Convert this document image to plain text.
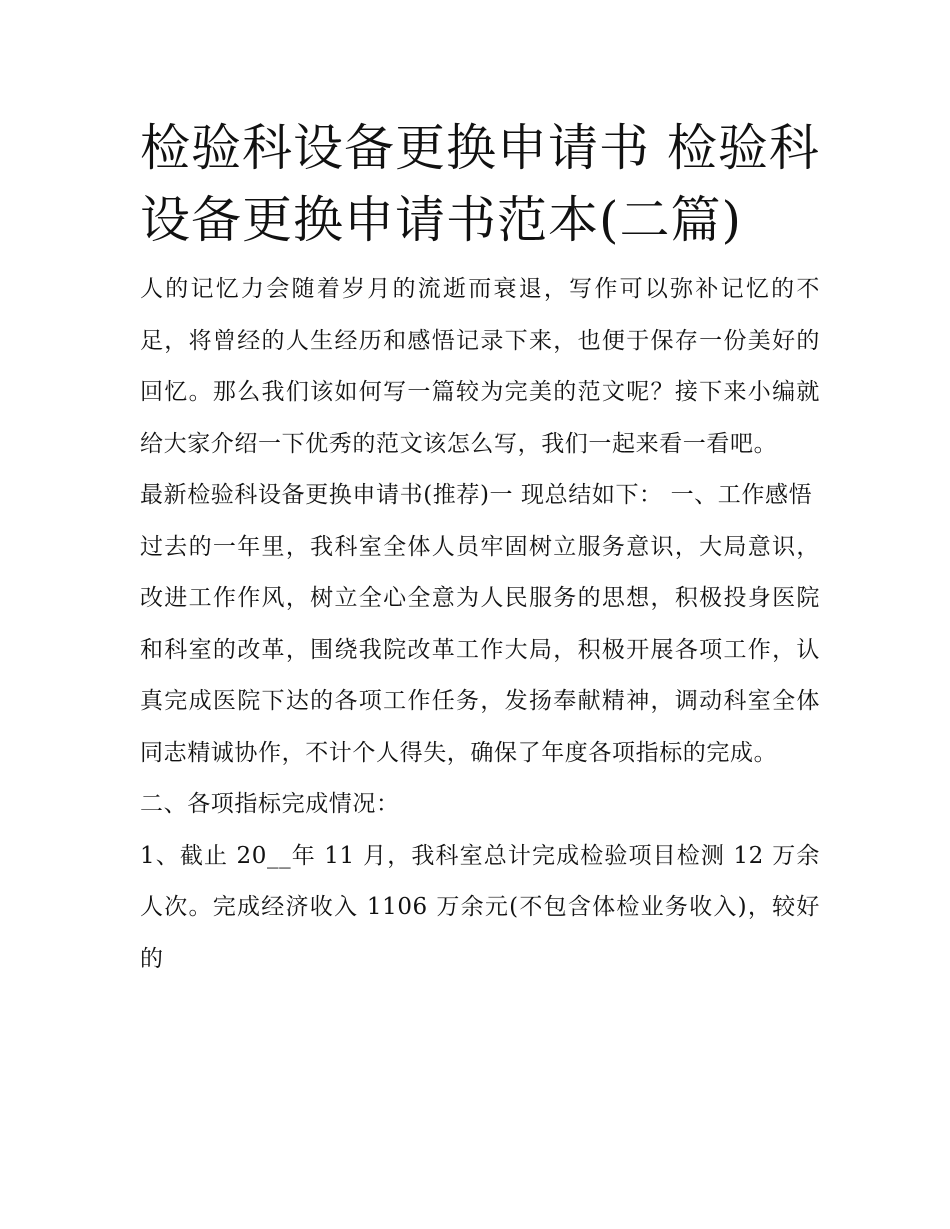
检验科设备更换申请书 检验科设备更换申请书范本(二篇)

人的记忆力会随着岁月的流逝而衰退，写作可以弥补记忆的不足，将曾经的人生经历和感悟记录下来，也便于保存一份美好的回忆。那么我们该如何写一篇较为完美的范文呢？接下来小编就给大家介绍一下优秀的范文该怎么写，我们一起来看一看吧。

最新检验科设备更换申请书(推荐)一 现总结如下： 一、工作感悟

过去的一年里，我科室全体人员牢固树立服务意识，大局意识，改进工作作风，树立全心全意为人民服务的思想，积极投身医院和科室的改革，围绕我院改革工作大局，积极开展各项工作，认真完成医院下达的各项工作任务，发扬奉献精神，调动科室全体同志精诚协作，不计个人得失，确保了年度各项指标的完成。

二、各项指标完成情况：

1、截止 20__年 11 月，我科室总计完成检验项目检测 12 万余人次。完成经济收入 1106 万余元(不包含体检业务收入)，较好的
